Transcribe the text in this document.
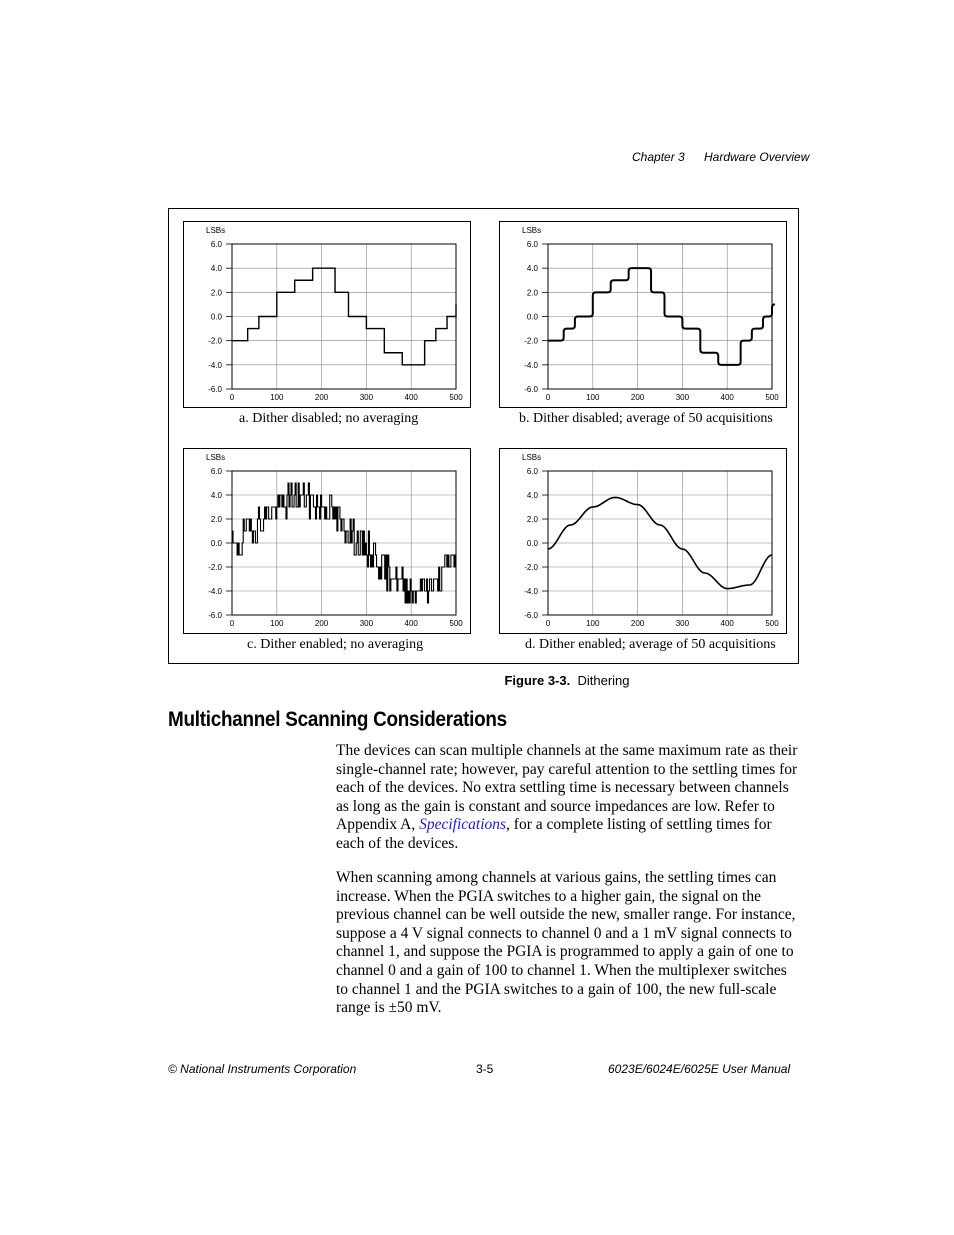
Chapter 3 Hardware Overview
0	100	200	300	400	500
6.0
4.0
2.0
0.0
-2.0
-4.0
-6.0
LSBs
a. Dither disabled; no averaging
0	100	200	300	400	500
6.0
4.0
2.0
0.0
-2.0
-4.0
-6.0
LSBs
b. Dither disabled; average of 50 acquisitions
0	100	200	300	400	500
6.0
4.0
2.0
0.0
-2.0
-4.0
-6.0
LSBs
c. Dither enabled; no averaging
0	100	200	300	400	500
6.0
4.0
2.0
0.0
-2.0
-4.0
-6.0
LSBs
d. Dither enabled; average of 50 acquisitions
Figure 3-3. Dithering
Multichannel Scanning Considerations
The devices can scan multiple channels at the same maximum rate as their single-channel rate; however, pay careful attention to the settling times for each of the devices. No extra settling time is necessary between channels as long as the gain is constant and source impedances are low. Refer to Appendix A, Specifications, for a complete listing of settling times for each of the devices.
When scanning among channels at various gains, the settling times can increase. When the PGIA switches to a higher gain, the signal on the previous channel can be well outside the new, smaller range. For instance, suppose a 4 V signal connects to channel 0 and a 1 mV signal connects to channel 1, and suppose the PGIA is programmed to apply a gain of one to channel 0 and a gain of 100 to channel 1. When the multiplexer switches to channel 1 and the PGIA switches to a gain of 100, the new full-scale range is ±50 mV.
© National Instruments Corporation	3-5	6023E/6024E/6025E User Manual
